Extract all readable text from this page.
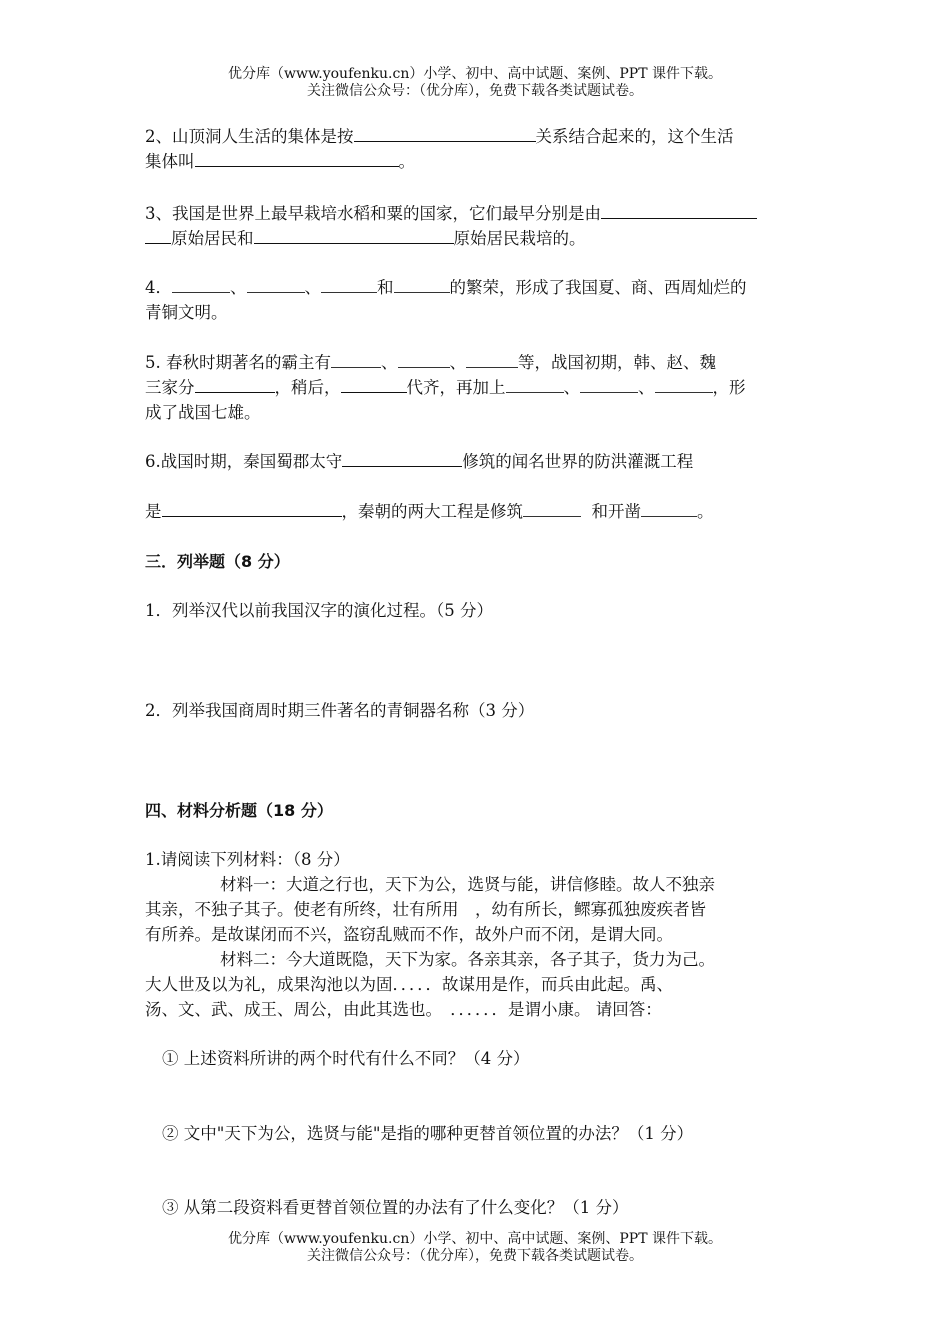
优分库（www.youfenku.cn）小学、初中、高中试题、案例、PPT 课件下载。
关注微信公众号：（优分库），免费下载各类试题试卷。
2、山顶洞人生活的集体是按	关系结合起来的，这个生活
集体叫	。
3、我国是世界上最早栽培水稻和粟的国家，它们最早分别是由
原始居民和	原始居民栽培的。
4．	、	、	和	的繁荣，形成了我国夏、商、西周灿烂的
青铜文明。
5. 春秋时期著名的霸主有	、	、	等，战国初期，韩、赵、魏
三家分	，稍后，	代齐，再加上	、	、	，形
成了战国七雄。
6.战国时期，秦国蜀郡太守	修筑的闻名世界的防洪灌溉工程
是	，秦朝的两大工程是修筑	和开凿	。
三．列举题（8 分）
1．列举汉代以前我国汉字的演化过程。（5 分）
2．列举我国商周时期三件著名的青铜器名称（3 分）
四、材料分析题（18 分）
1.请阅读下列材料：（8 分）
材料一：大道之行也，天下为公，选贤与能，讲信修睦。故人不独亲
其亲，不独子其子。使老有所终，壮有所用　，幼有所长，鳏寡孤独废疾者皆
有所养。是故谋闭而不兴，盗窃乱贼而不作，故外户而不闭，是谓大同。
材料二：今大道既隐，天下为家。各亲其亲，各子其子，货力为己。
大人世及以为礼，成果沟池以为固．．．．．故谋用是作，而兵由此起。禹、
汤、文、武、成王、周公，由此其选也。　．．．．．．是谓小康。 请回答：
① 上述资料所讲的两个时代有什么不同？（4 分）
② 文中"天下为公，选贤与能"是指的哪种更替首领位置的办法？（1 分）
③ 从第二段资料看更替首领位置的办法有了什么变化？（1 分）
优分库（www.youfenku.cn）小学、初中、高中试题、案例、PPT 课件下载。
关注微信公众号：（优分库），免费下载各类试题试卷。
